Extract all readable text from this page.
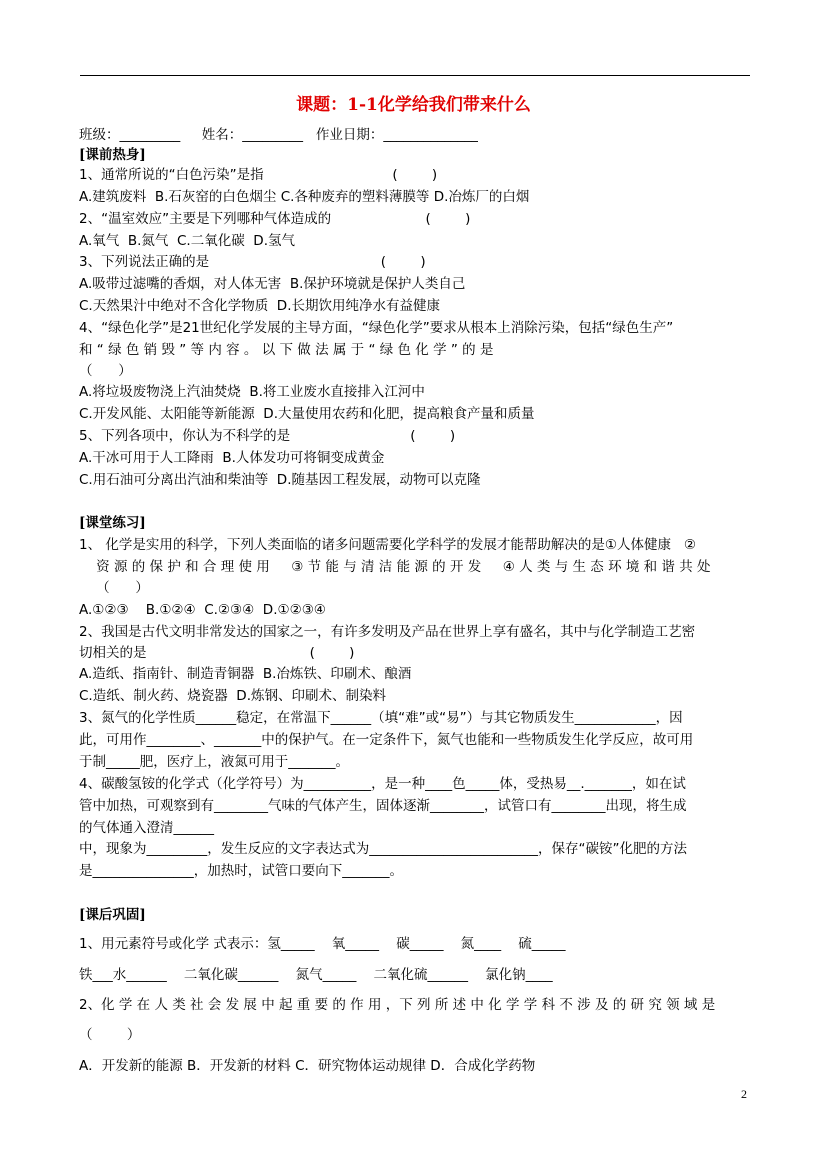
课题：1-1化学给我们带来什么
班级：_________     姓名：_________   作业日期：______________
[课前热身]
1、通常所说的“白色污染”是指                              (        )
A.建筑废料  B.石灰窑的白色烟尘 C.各种废弃的塑料薄膜等 D.冶炼厂的白烟
2、“温室效应”主要是下列哪种气体造成的                      (        )
A.氧气  B.氮气  C.二氧化碳  D.氢气
3、下列说法正确的是                                        (        )
A.吸带过滤嘴的香烟，对人体无害  B.保护环境就是保护人类自己
C.天然果汁中绝对不含化学物质  D.长期饮用纯净水有益健康
4、“绿色化学”是21世纪化学发展的主导方面，“绿色化学”要求从根本上消除污染，包括“绿色生产”
和 “ 绿 色 销 毁 ” 等 内 容 。 以 下 做 法 属 于 “ 绿 色 化 学 ” 的 是
（      ）
A.将垃圾废物浇上汽油焚烧  B.将工业废水直接排入江河中
C.开发风能、太阳能等新能源  D.大量使用农药和化肥，提高粮食产量和质量
5、下列各项中，你认为不科学的是                            (        )
A.干冰可用于人工降雨  B.人体发功可将铜变成黄金
C.用石油可分离出汽油和柴油等  D.随基因工程发展，动物可以克隆
[课堂练习]
1、 化学是实用的科学，下列人类面临的诸多问题需要化学科学的发展才能帮助解决的是①人体健康   ②
资 源 的 保 护 和 合 理 使 用     ③ 节 能 与 清 洁 能 源 的 开 发     ④ 人 类 与 生 态 环 境 和 谐 共 处
（      ）
A.①②③    B.①②④  C.②③④  D.①②③④
2、我国是古代文明非常发达的国家之一，有许多发明及产品在世界上享有盛名，其中与化学制造工艺密
切相关的是                                      (        )
A.造纸、指南针、制造青铜器  B.冶炼铁、印刷术、酿酒
C.造纸、制火药、烧瓷器  D.炼钢、印刷术、制染料
3、氮气的化学性质______稳定，在常温下______（填“难”或“易”）与其它物质发生____________，因
此，可用作________、_______中的保护气。在一定条件下，氮气也能和一些物质发生化学反应，故可用
于制_____肥，医疗上，液氮可用于_______。
4、碳酸氢铵的化学式（化学符号）为__________，是一种____色_____体，受热易__._______，如在试
管中加热，可观察到有________气味的气体产生，固体逐渐________，试管口有________出现，将生成
的气体通入澄清______
中，现象为_________，发生反应的文字表达式为_________________________，保存“碳铵”化肥的方法
是_______________，加热时，试管口要向下_______。
[课后巩固]
1、用元素符号或化学 式表示：氢_____    氧_____    碳_____    氮____    硫_____
铁___水______    二氧化碳______    氮气_____    二氧化硫______    氯化钠____
2、化 学 在 人 类 社 会 发 展 中 起 重 要 的 作 用 ，下 列 所 述 中 化 学 学 科 不 涉 及 的 研 究 领 域 是
（        ）
A．开发新的能源 B．开发新的材料 C．研究物体运动规律 D．合成化学药物
2
